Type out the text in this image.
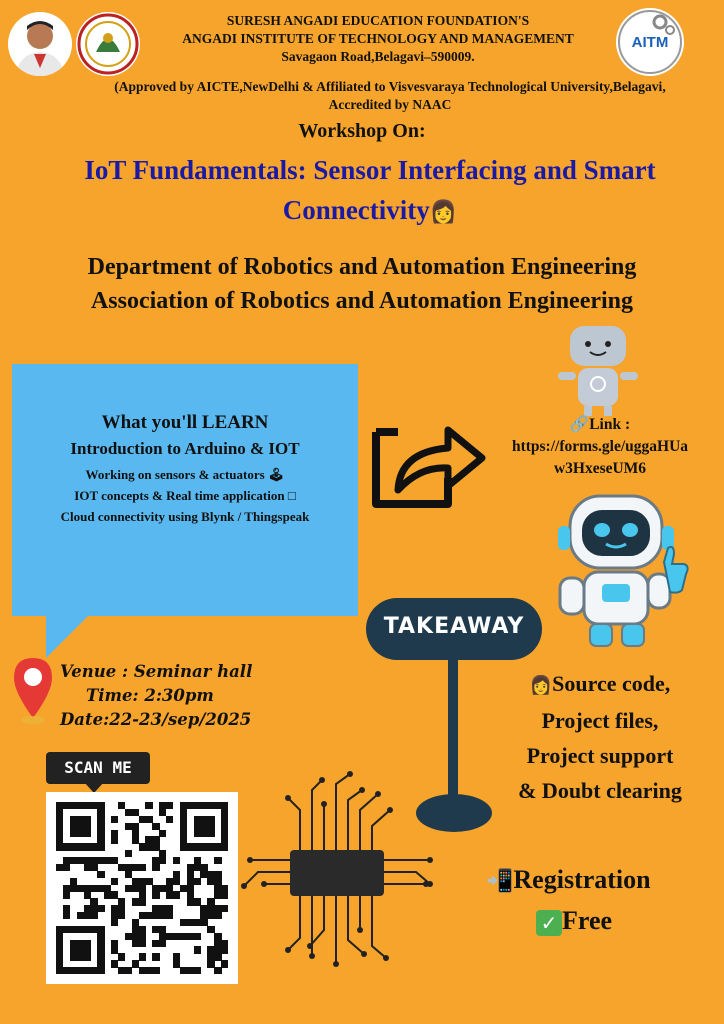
AITM
SURESH ANGADI EDUCATION FOUNDATION'S
ANGADI INSTITUTE OF TECHNOLOGY AND MANAGEMENT
Savagaon Road,Belagavi–590009.
(Approved by AICTE,NewDelhi & Affiliated to Visvesvaraya Technological University,Belagavi,
Accredited by NAAC
Workshop On:
IoT Fundamentals: Sensor Interfacing and Smart
Connectivity👩
Department of Robotics and Automation Engineering
Association of Robotics and Automation Engineering
What you'll LEARN
Introduction to Arduino & IOT
Working on sensors & actuators 🕹
IOT concepts & Real time application □
Cloud connectivity using Blynk / Thingspeak
🔗Link :
https://forms.gle/uggaHUa
w3HxeseUM6
TAKEAWAY
👩Source code,
Project files,
Project support
& Doubt clearing
Venue : Seminar hall
Time: 2:30pm
Date:22-23/sep/2025
SCAN ME
📲Registration
✓ Free
